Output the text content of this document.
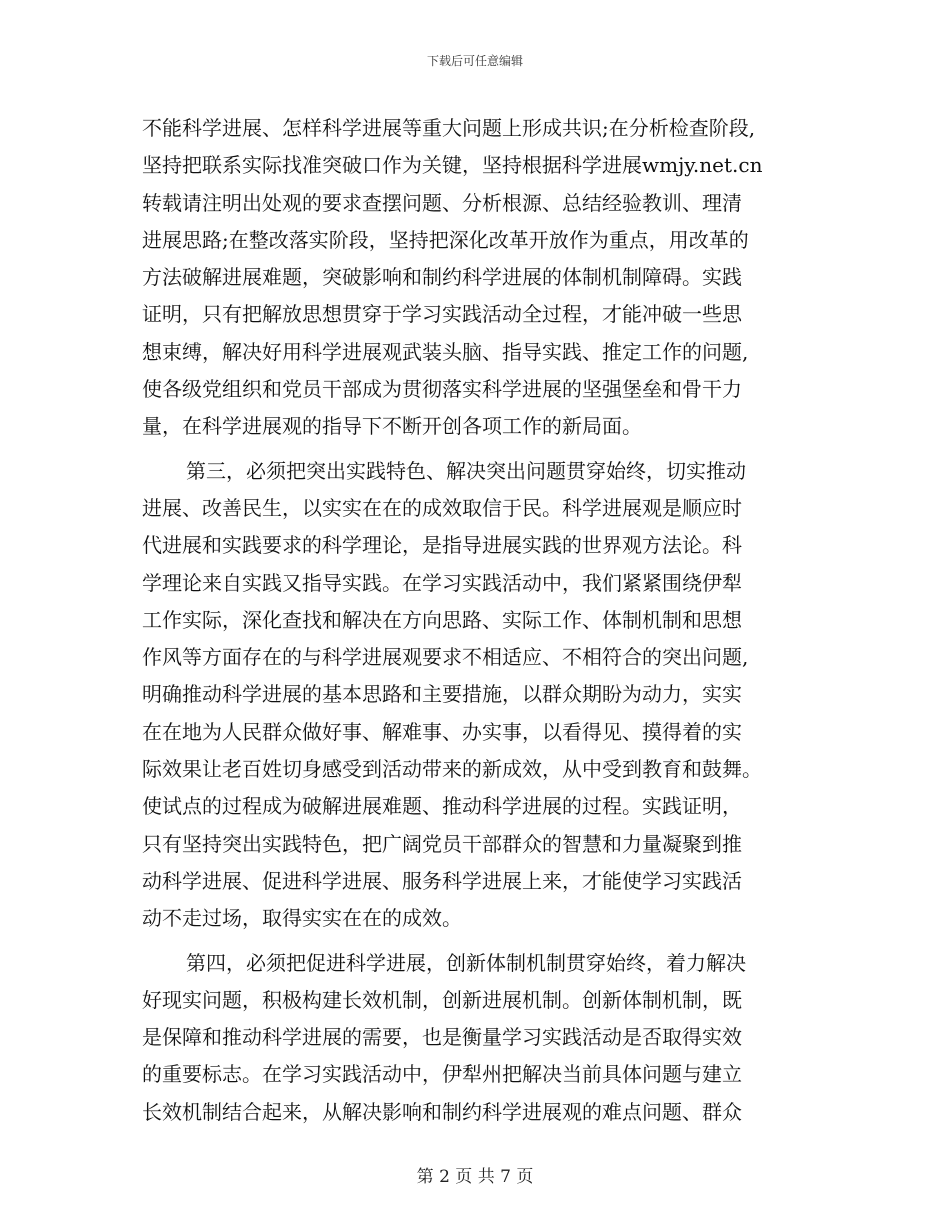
下载后可任意编辑
不能科学进展、怎样科学进展等重大问题上形成共识;在分析检查阶段,
坚持把联系实际找准突破口作为关键，坚持根据科学进展wmjy.net.cn
转载请注明出处观的要求查摆问题、分析根源、总结经验教训、理清
进展思路;在整改落实阶段，坚持把深化改革开放作为重点，用改革的
方法破解进展难题，突破影响和制约科学进展的体制机制障碍。实践
证明，只有把解放思想贯穿于学习实践活动全过程，才能冲破一些思
想束缚，解决好用科学进展观武装头脑、指导实践、推定工作的问题,
使各级党组织和党员干部成为贯彻落实科学进展的坚强堡垒和骨干力
量，在科学进展观的指导下不断开创各项工作的新局面。
第三，必须把突出实践特色、解决突出问题贯穿始终，切实推动
进展、改善民生，以实实在在的成效取信于民。科学进展观是顺应时
代进展和实践要求的科学理论，是指导进展实践的世界观方法论。科
学理论来自实践又指导实践。在学习实践活动中，我们紧紧围绕伊犁
工作实际，深化查找和解决在方向思路、实际工作、体制机制和思想
作风等方面存在的与科学进展观要求不相适应、不相符合的突出问题,
明确推动科学进展的基本思路和主要措施，以群众期盼为动力，实实
在在地为人民群众做好事、解难事、办实事，以看得见、摸得着的实
际效果让老百姓切身感受到活动带来的新成效，从中受到教育和鼓舞。
使试点的过程成为破解进展难题、推动科学进展的过程。实践证明，
只有坚持突出实践特色，把广阔党员干部群众的智慧和力量凝聚到推
动科学进展、促进科学进展、服务科学进展上来，才能使学习实践活
动不走过场，取得实实在在的成效。
第四，必须把促进科学进展，创新体制机制贯穿始终，着力解决
好现实问题，积极构建长效机制，创新进展机制。创新体制机制，既
是保障和推动科学进展的需要，也是衡量学习实践活动是否取得实效
的重要标志。在学习实践活动中，伊犁州把解决当前具体问题与建立
长效机制结合起来，从解决影响和制约科学进展观的难点问题、群众
第 2 页 共 7 页
